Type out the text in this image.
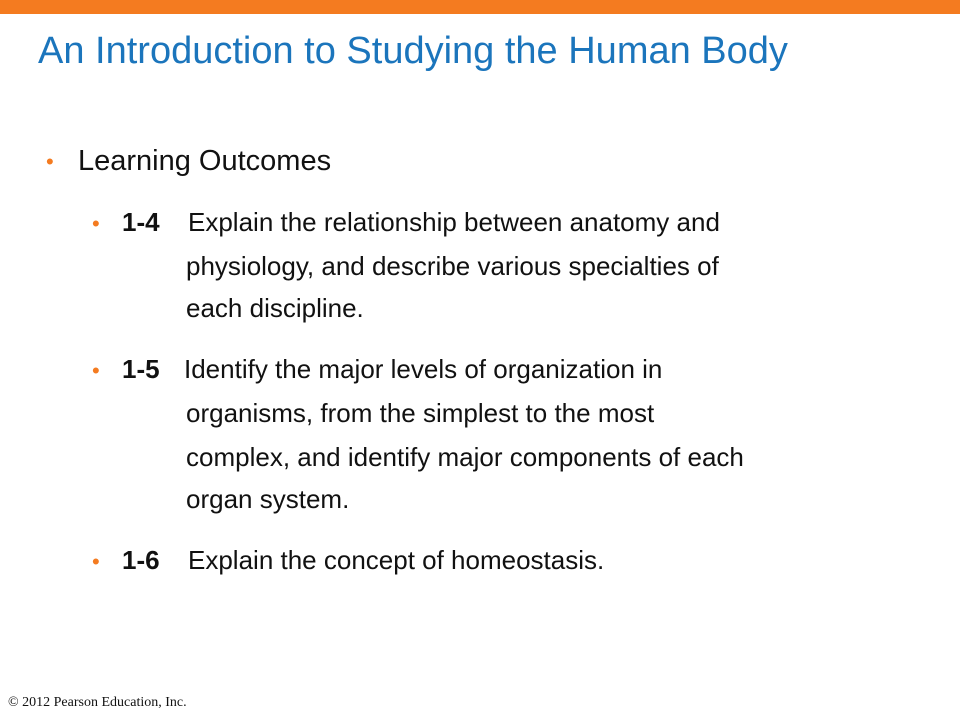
An Introduction to Studying the Human Body
• Learning Outcomes
• 1-4 Explain the relationship between anatomy and
physiology, and describe various specialties of
each discipline.
• 1-5 Identify the major levels of organization in
organisms, from the simplest to the most
complex, and identify major components of each
organ system.
• 1-6 Explain the concept of homeostasis.
© 2012 Pearson Education, Inc.
